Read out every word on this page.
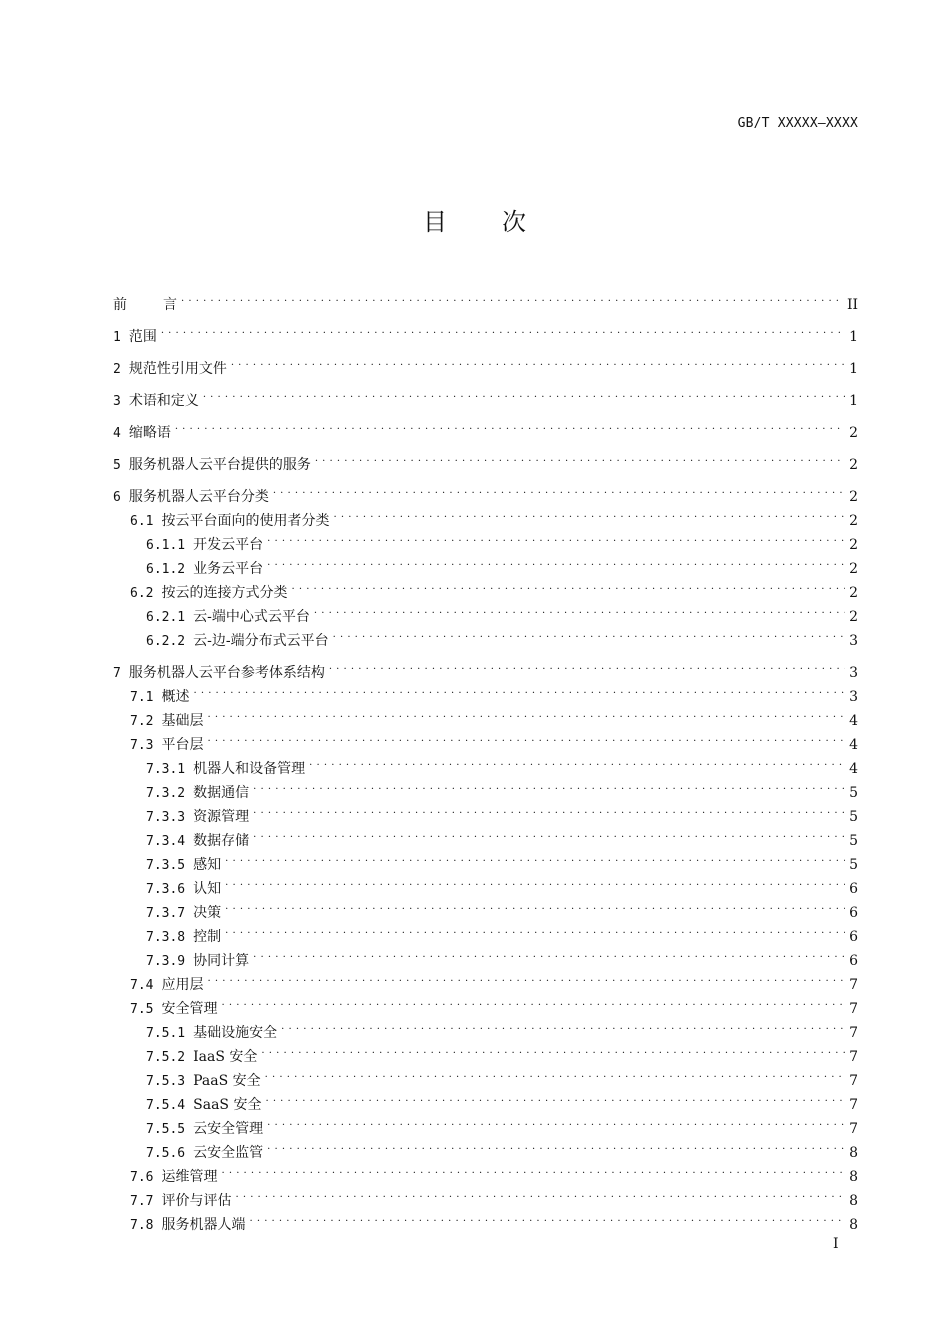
GB/T XXXXX—XXXX
目 次
前	言 . . .	II
1 范围 . . .	1
2 规范性引用文件 . . .	1
3 术语和定义 . . .	1
4 缩略语 . . .	2
5 服务机器人云平台提供的服务 . . .	2
6 服务机器人云平台分类 . . .	2
6.1 按云平台面向的使用者分类 . . .	2
6.1.1 开发云平台 . . .	2
6.1.2 业务云平台 . . .	2
6.2 按云的连接方式分类 . . .	2
6.2.1 云-端中心式云平台 . . .	2
6.2.2 云-边-端分布式云平台 . . .	3
7 服务机器人云平台参考体系结构 . . .	3
7.1 概述 . . .	3
7.2 基础层 . . .	4
7.3 平台层 . . .	4
7.3.1 机器人和设备管理 . . .	4
7.3.2 数据通信 . . .	5
7.3.3 资源管理 . . .	5
7.3.4 数据存储 . . .	5
7.3.5 感知 . . .	5
7.3.6 认知 . . .	6
7.3.7 决策 . . .	6
7.3.8 控制 . . .	6
7.3.9 协同计算 . . .	6
7.4 应用层 . . .	7
7.5 安全管理 . . .	7
7.5.1 基础设施安全 . . .	7
7.5.2 IaaS 安全 . . .	7
7.5.3 PaaS 安全 . . .	7
7.5.4 SaaS 安全 . . .	7
7.5.5 云安全管理 . . .	7
7.5.6 云安全监管 . . .	8
7.6 运维管理 . . .	8
7.7 评价与评估 . . .	8
7.8 服务机器人端 . . .	8
I
